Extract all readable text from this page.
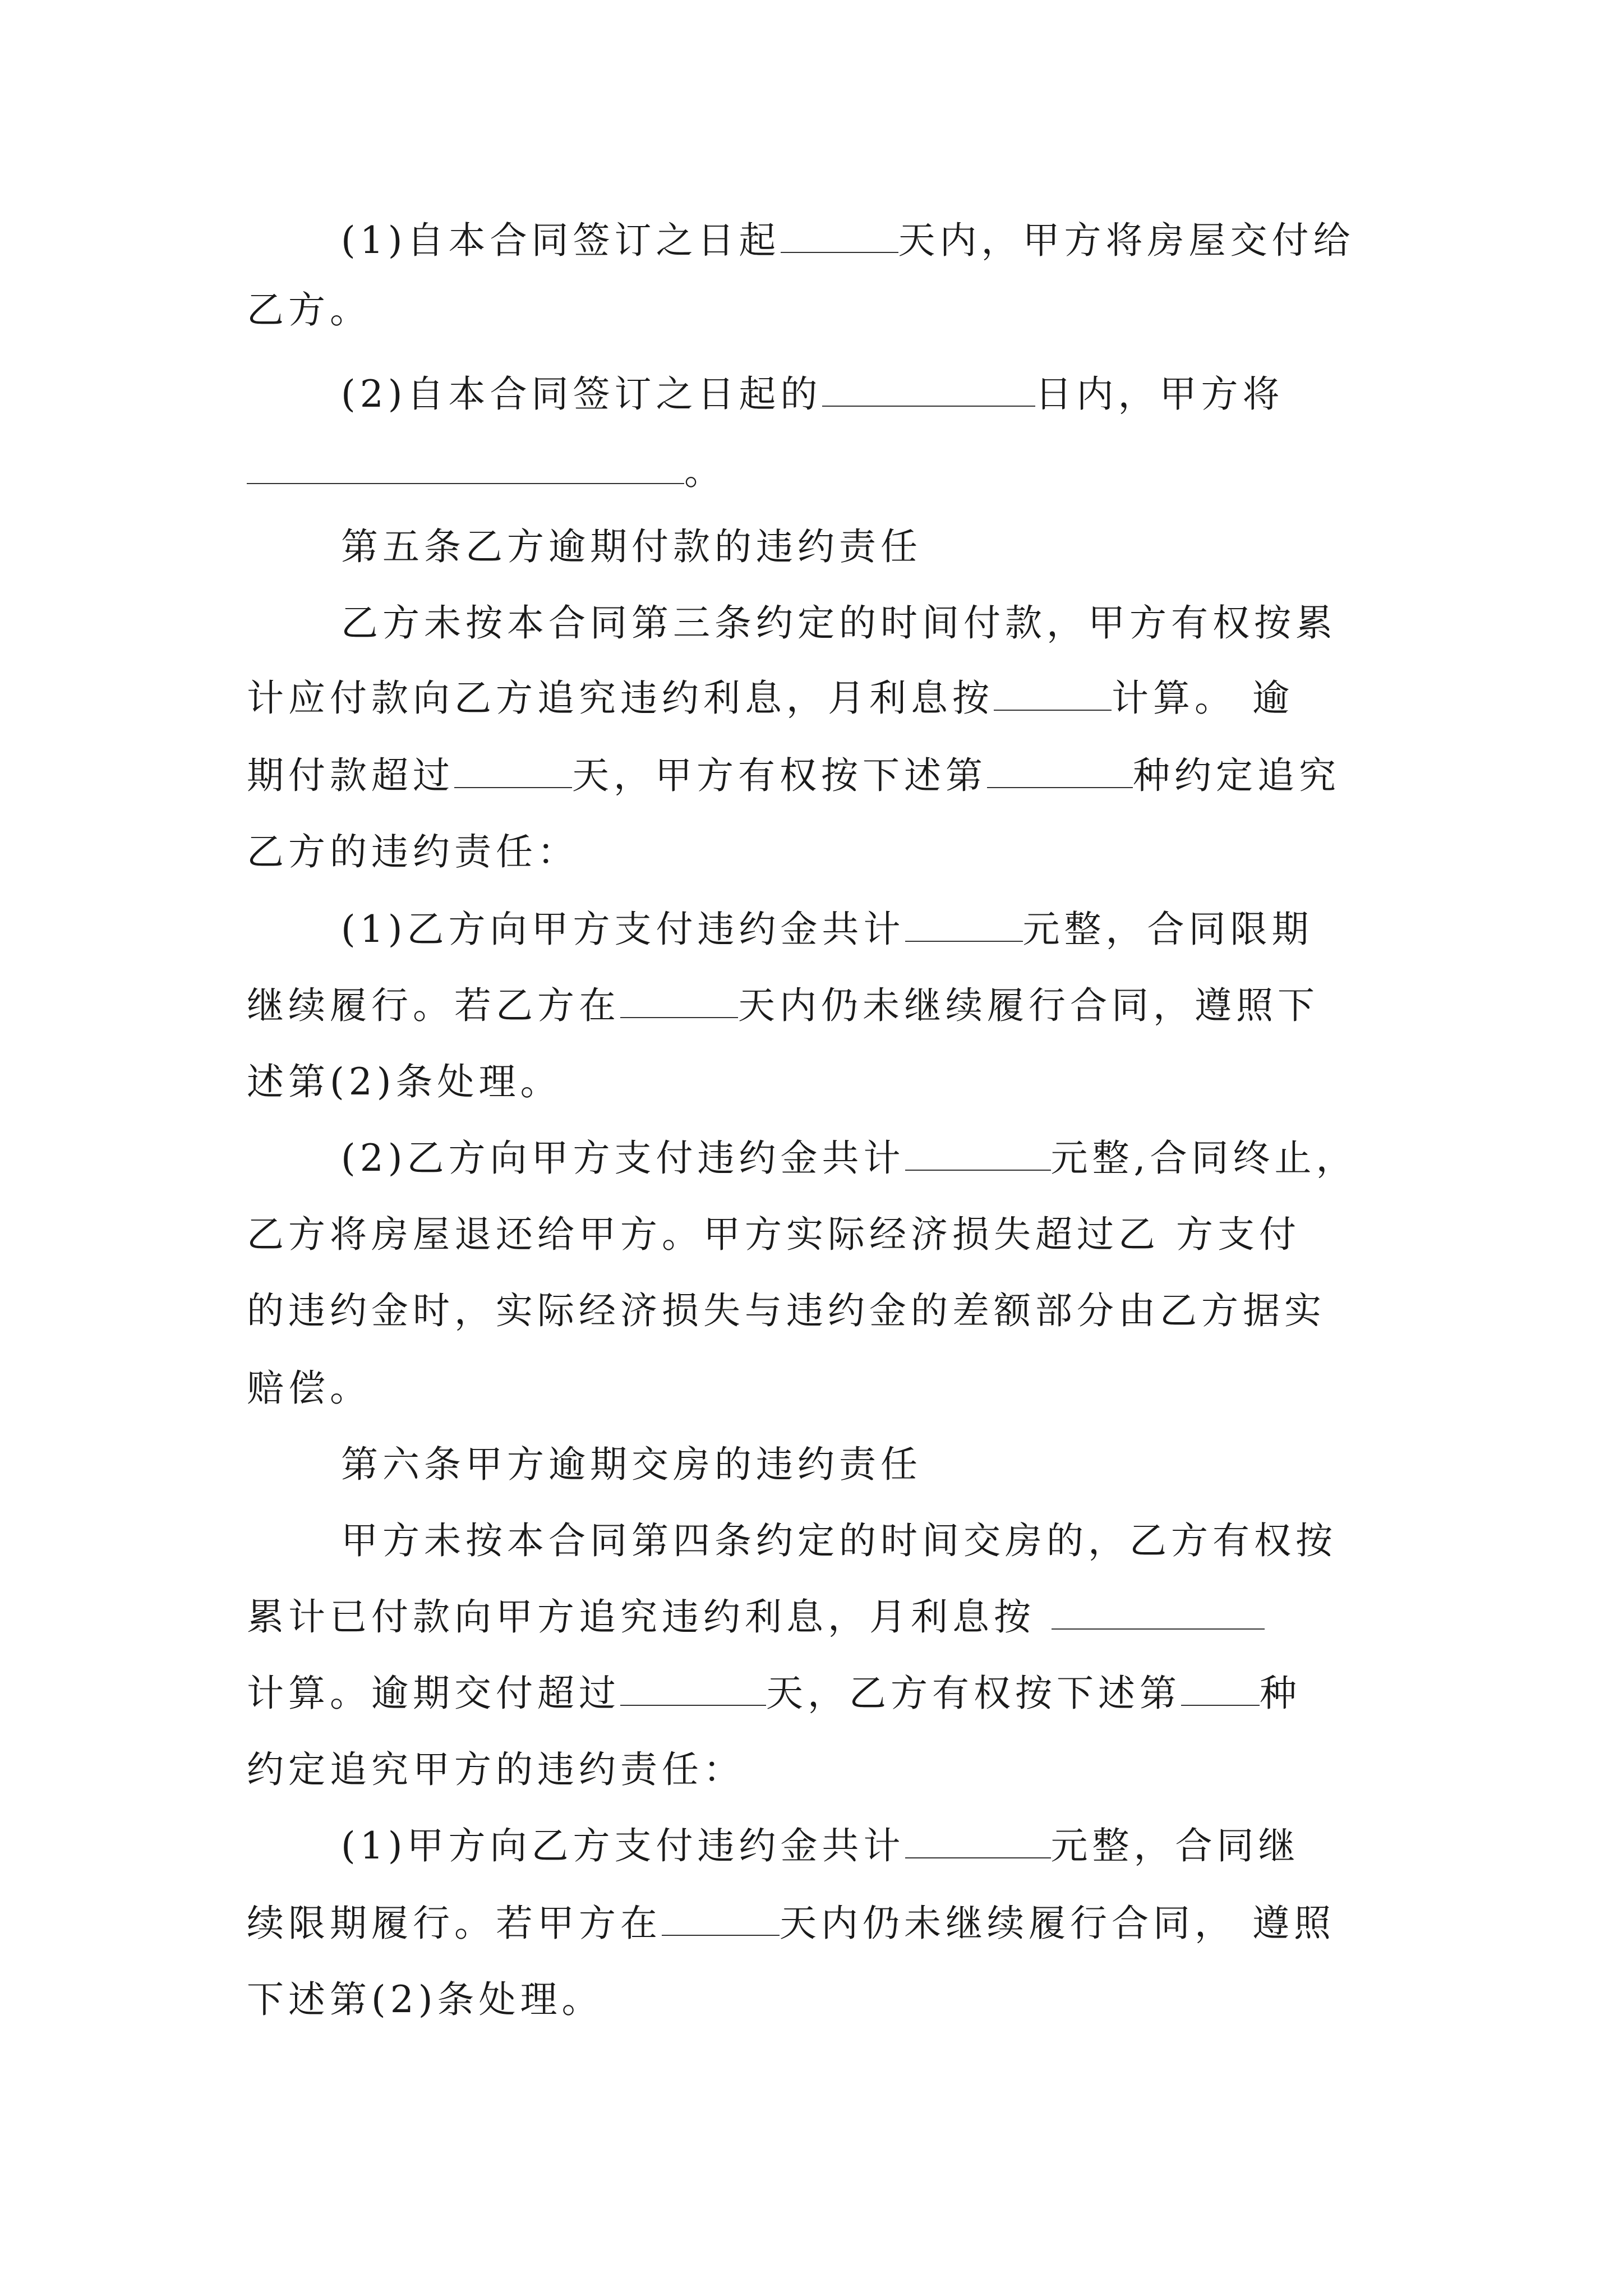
(1)自本合同签订之日起	天内，甲方将房屋交付给
乙方。
(2)自本合同签订之日起的	日内，甲方将
。
第五条乙方逾期付款的违约责任
乙方未按本合同第三条约定的时间付款，甲方有权按累
计应付款向乙方追究违约利息，月利息按	计算。 逾
期付款超过	天，甲方有权按下述第	种约定追究
乙方的违约责任：
(1)乙方向甲方支付违约金共计	元整，合同限期
继续履行。若乙方在	天内仍未继续履行合同，遵照下
述第(2)条处理。
(2)乙方向甲方支付违约金共计	元整,合同终止，
乙方将房屋退还给甲方。甲方实际经济损失超过乙 方支付
的违约金时，实际经济损失与违约金的差额部分由乙方据实
赔偿。
第六条甲方逾期交房的违约责任
甲方未按本合同第四条约定的时间交房的，乙方有权按
累计已付款向甲方追究违约利息，月利息按
计算。逾期交付超过	天，乙方有权按下述第 种
约定追究甲方的违约责任：
(1)甲方向乙方支付违约金共计	元整，合同继
续限期履行。若甲方在	天内仍未继续履行合同， 遵照
下述第(2)条处理。
